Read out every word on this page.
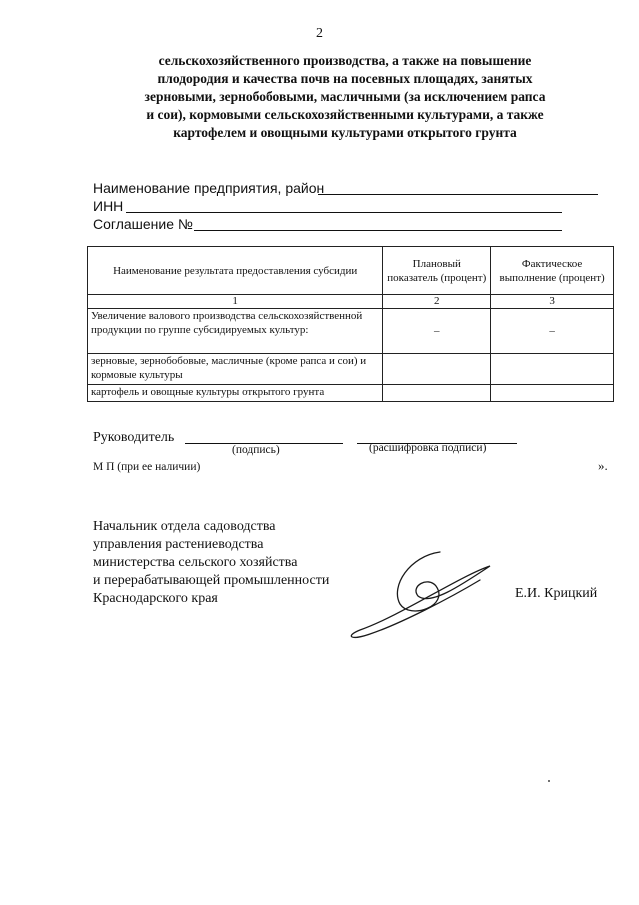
2
сельскохозяйственного производства, а также на повышение
плодородия и качества почв на посевных площадях, занятых
зерновыми, зернобобовыми, масличными (за исключением рапса
и сои), кормовыми сельскохозяйственными культурами, а также
картофелем и овощными культурами открытого грунта
Наименование предприятия, район
ИНН
Соглашение №
Наименование результата предоставления субсидии	Плановый показатель (процент)	Фактическое выполнение (процент)
1	2	3
Увеличение валового производства сельскохозяйственной продукции по группе субсидируемых культур:	–	–
зерновые, зернобобовые, масличные (кроме рапса и сои) и кормовые культуры		
картофель и овощные культуры открытого грунта		
Руководитель
(подпись)	(расшифровка подписи)
М П (при ее наличии)	».
Начальник отдела садоводства
управления растениеводства
министерства сельского хозяйства
и перерабатывающей промышленности
Краснодарского края	Е.И. Крицкий
